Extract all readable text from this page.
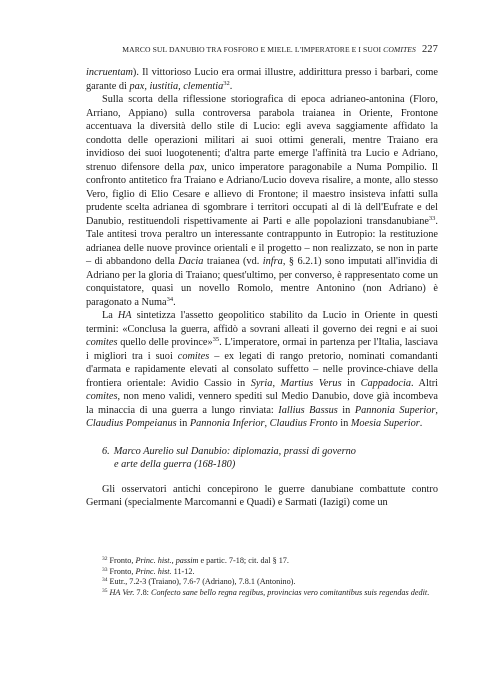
MARCO SUL DANUBIO TRA FOSFORO E MIELE. L'IMPERATORE E I SUOI COMITES 227

incruentam). Il vittorioso Lucio era ormai illustre, addirittura presso i barbari, come garante di pax, iustitia, clementia$^{32}$.

Sulla scorta della riflessione storiografica di epoca adrianeo-antonina (Floro, Arriano, Appiano) sulla controversa parabola traianea in Oriente, Frontone accentuava la diversità dello stile di Lucio: egli aveva saggiamente affidato la condotta delle operazioni militari ai suoi ottimi generali, mentre Traiano era invidioso dei suoi luogotenenti; d'altra parte emerge l'affinità tra Lucio e Adriano, strenuo difensore della pax, unico imperatore paragonabile a Numa Pompilio. Il confronto antitetico fra Traiano e Adriano/Lucio doveva risalire, a monte, allo stesso Vero, figlio di Elio Cesare e allievo di Frontone; il maestro insisteva infatti sulla prudente scelta adrianea di sgombrare i territori occupati al di là dell'Eufrate e del Danubio, restituendoli rispettivamente ai Parti e alle popolazioni transdanubiane$^{33}$. Tale antitesi trova peraltro un interessante contrappunto in Eutropio: la restituzione adrianea delle nuove province orientali e il progetto – non realizzato, se non in parte – di abbandono della Dacia traianea (vd. infra, § 6.2.1) sono imputati all'invidia di Adriano per la gloria di Traiano; quest'ultimo, per converso, è rappresentato come un conquistatore, quasi un novello Romolo, mentre Antonino (non Adriano) è paragonato a Numa$^{34}$.

La HA sintetizza l'assetto geopolitico stabilito da Lucio in Oriente in questi termini: «Conclusa la guerra, affidò a sovrani alleati il governo dei regni e ai suoi comites quello delle province»$^{35}$. L'imperatore, ormai in partenza per l'Italia, lasciava i migliori tra i suoi comites – ex legati di rango pretorio, nominati comandanti d'armata e rapidamente elevati al consolato suffetto – nelle province-chiave della frontiera orientale: Avidio Cassio in Syria, Martius Verus in Cappadocia. Altri comites, non meno validi, vennero spediti sul Medio Danubio, dove già incombeva la minaccia di una guerra a lungo rinviata: Iallius Bassus in Pannonia Superior, Claudius Pompeianus in Pannonia Inferior, Claudius Fronto in Moesia Superior.

6. Marco Aurelio sul Danubio: diplomazia, prassi di governo
e arte della guerra (168-180)

Gli osservatori antichi concepirono le guerre danubiane combattute contro Germani (specialmente Marcomanni e Quadi) e Sarmati (Iazigi) come un

$^{32}$ Fronto, Princ. hist., passim e partic. 7-18; cit. dal § 17.

$^{33}$ Fronto, Princ. hist. 11-12.

$^{34}$ Eutr., 7.2-3 (Traiano), 7.6-7 (Adriano), 7.8.1 (Antonino).

$^{35}$ HA Ver. 7.8: Confecto sane bello regna regibus, provincias vero comitantibus suis regendas dedit.
